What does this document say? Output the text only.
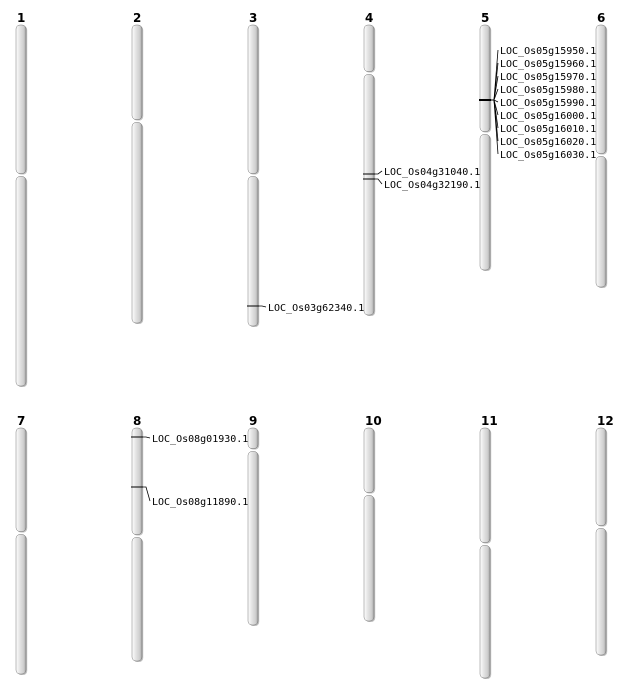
1	2	3	4	5	6
7	8	9	10	11	12
LOC_Os03g62340.1
LOC_Os04g31040.1
LOC_Os04g32190.1
LOC_Os05g15950.1
LOC_Os05g15960.1
LOC_Os05g15970.1
LOC_Os05g15980.1
LOC_Os05g15990.1
LOC_Os05g16000.1
LOC_Os05g16010.1
LOC_Os05g16020.1
LOC_Os05g16030.1
LOC_Os08g01930.1
LOC_Os08g11890.1
